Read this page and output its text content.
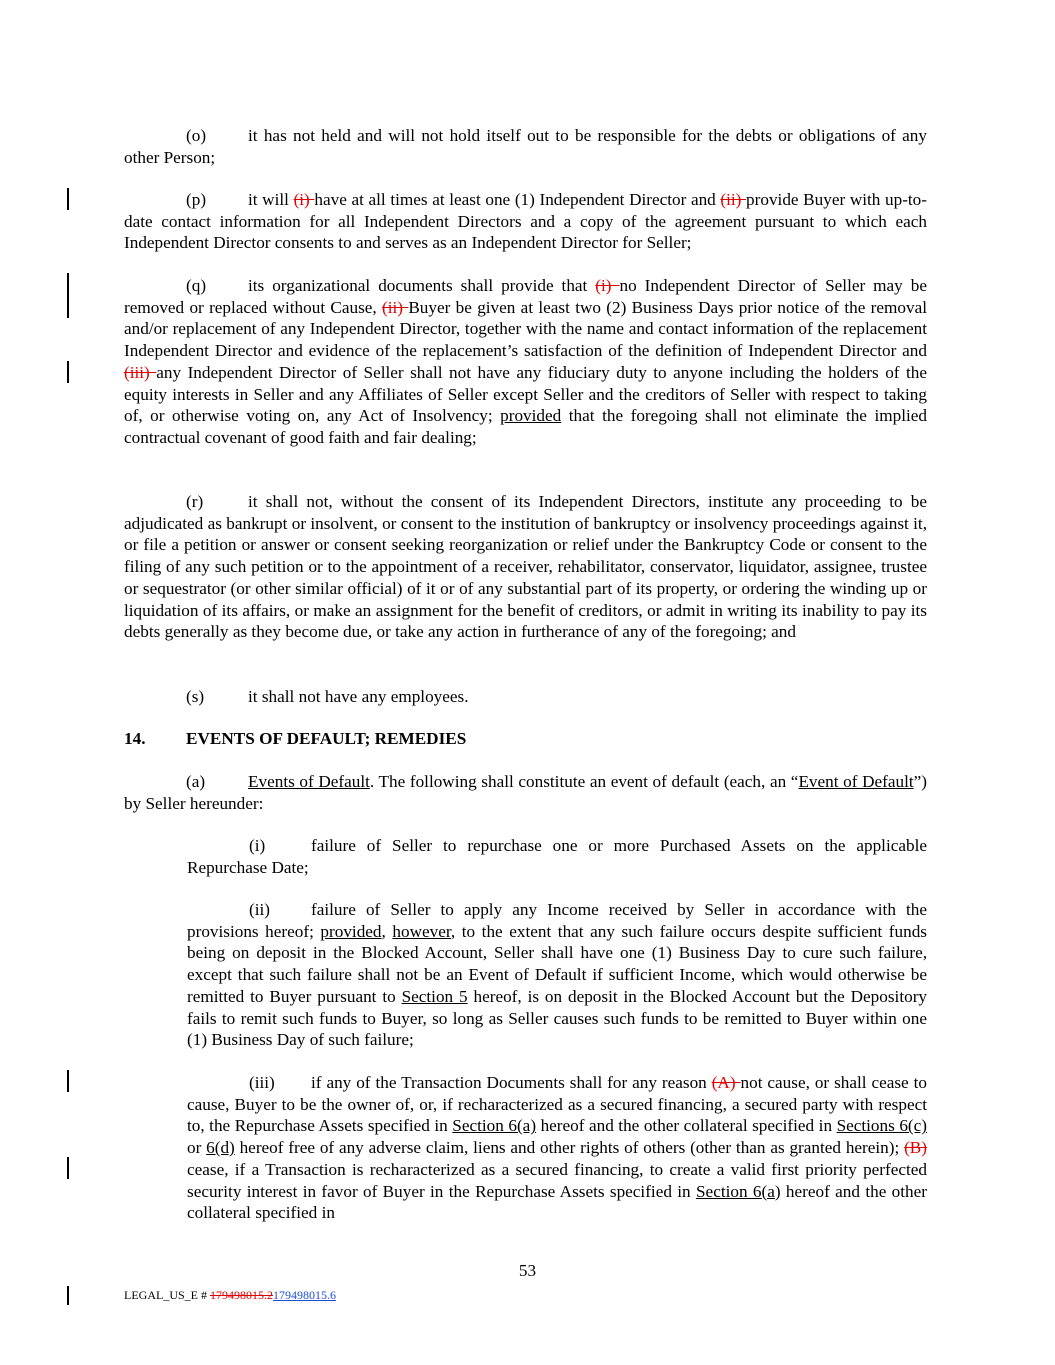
(o) it has not held and will not hold itself out to be responsible for the debts or obligations of any other Person;

(p) it will (i) have at all times at least one (1) Independent Director and (ii) provide Buyer with up-to-date contact information for all Independent Directors and a copy of the agreement pursuant to which each Independent Director consents to and serves as an Independent Director for Seller;

(q) its organizational documents shall provide that (i) no Independent Director of Seller may be removed or replaced without Cause, (ii) Buyer be given at least two (2) Business Days prior notice of the removal and/or replacement of any Independent Director, together with the name and contact information of the replacement Independent Director and evidence of the replacement’s satisfaction of the definition of Independent Director and (iii) any Independent Director of Seller shall not have any fiduciary duty to anyone including the holders of the equity interests in Seller and any Affiliates of Seller except Seller and the creditors of Seller with respect to taking of, or otherwise voting on, any Act of Insolvency; provided that the foregoing shall not eliminate the implied contractual covenant of good faith and fair dealing;

(r)	it shall not, without the consent of its Independent Directors, institute any proceeding to be adjudicated as bankrupt or insolvent, or consent to the institution of bankruptcy or insolvency proceedings against it, or file a petition or answer or consent seeking reorganization or relief under the Bankruptcy Code or consent to the filing of any such petition or to the appointment of a receiver, rehabilitator, conservator, liquidator, assignee, trustee or sequestrator (or other similar official) of it or of any substantial part of its property, or ordering the winding up or liquidation of its affairs, or make an assignment for the benefit of creditors, or admit in writing its inability to pay its debts generally as they become due, or take any action in furtherance of any of the foregoing; and

(s)	it shall not have any employees.

14. EVENTS OF DEFAULT; REMEDIES

(a) Events of Default. The following shall constitute an event of default (each, an “Event of Default”) by Seller hereunder:

(i)	failure of Seller to repurchase one or more Purchased Assets on the applicable Repurchase Date;

(ii) failure of Seller to apply any Income received by Seller in accordance with the provisions hereof; provided, however, to the extent that any such failure occurs despite sufficient funds being on deposit in the Blocked Account, Seller shall have one (1) Business Day to cure such failure, except that such failure shall not be an Event of Default if sufficient Income, which would otherwise be remitted to Buyer pursuant to Section 5 hereof, is on deposit in the Blocked Account but the Depository fails to remit such funds to Buyer, so long as Seller causes such funds to be remitted to Buyer within one (1) Business Day of such failure;

(iii) if any of the Transaction Documents shall for any reason (A) not cause, or shall cease to cause, Buyer to be the owner of, or, if recharacterized as a secured financing, a secured party with respect to, the Repurchase Assets specified in Section 6(a) hereof and the other collateral specified in Sections 6(c) or 6(d) hereof free of any adverse claim, liens and other rights of others (other than as granted herein); (B) cease, if a Transaction is recharacterized as a secured financing, to create a valid first priority perfected security interest in favor of Buyer in the Repurchase Assets specified in Section 6(a) hereof and the other collateral specified in

53
LEGAL_US_E # 179498015.2179498015.6
